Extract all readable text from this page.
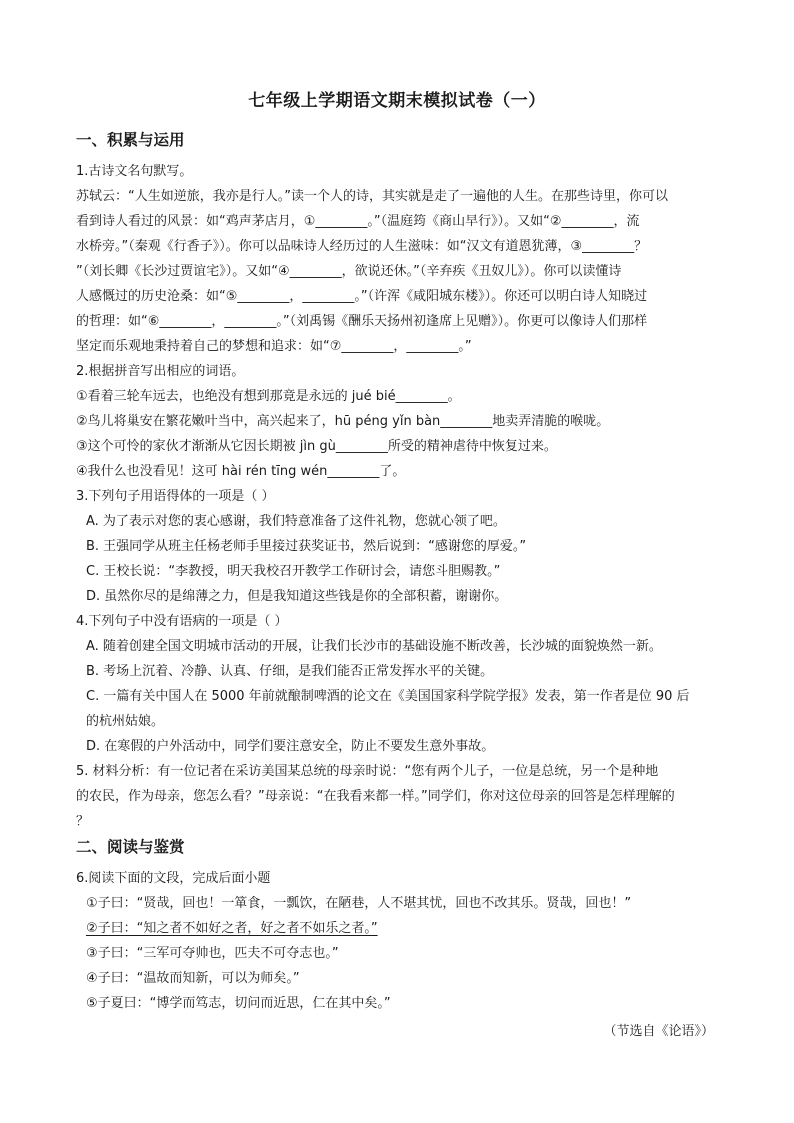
七年级上学期语文期末模拟试卷（一）
一、积累与运用
1.古诗文名句默写。
苏轼云：“人生如逆旅，我亦是行人。”读一个人的诗，其实就是走了一遍他的人生。在那些诗里，你可以
看到诗人看过的风景：如“鸡声茅店月，①________。”（温庭筠《商山早行》）。又如“②________，流
水桥旁。”（秦观《行香子》）。你可以品味诗人经历过的人生滋味：如“汉文有道恩犹薄，③________？
”（刘长卿《长沙过贾谊宅》）。又如“④________，欲说还休。”（辛弃疾《丑奴儿》）。你可以读懂诗
人感慨过的历史沧桑：如“⑤________，________。”（许浑《咸阳城东楼》）。你还可以明白诗人知晓过
的哲理：如“⑥________，________。”（刘禹锡《酬乐天扬州初逢席上见赠》）。你更可以像诗人们那样
坚定而乐观地秉持着自己的梦想和追求：如“⑦________，________。”
2.根据拼音写出相应的词语。
①看着三轮车远去，也绝没有想到那竟是永远的 jué bié________。
②鸟儿将巢安在繁花嫩叶当中，高兴起来了，hū péng yǐn bàn________地卖弄清脆的喉咙。
③这个可怜的家伙才渐渐从它因长期被 jìn gù________所受的精神虐待中恢复过来。
④我什么也没看见！这可 hài rén tīng wén________了。
3.下列句子用语得体的一项是（ ）
A. 为了表示对您的衷心感谢，我们特意准备了这件礼物，您就心领了吧。
B. 王强同学从班主任杨老师手里接过获奖证书，然后说到：“感谢您的厚爱。”
C. 王校长说：“李教授，明天我校召开教学工作研讨会，请您斗胆赐教。”
D. 虽然你尽的是绵薄之力，但是我知道这些钱是你的全部积蓄，谢谢你。
4.下列句子中没有语病的一项是（ ）
A. 随着创建全国文明城市活动的开展，让我们长沙市的基础设施不断改善，长沙城的面貌焕然一新。
B. 考场上沉着、冷静、认真、仔细，是我们能否正常发挥水平的关键。
C. 一篇有关中国人在 5000 年前就酿制啤酒的论文在《美国国家科学院学报》发表，第一作者是位 90 后
的杭州姑娘。
D. 在寒假的户外活动中，同学们要注意安全，防止不要发生意外事故。
5. 材料分析：有一位记者在采访美国某总统的母亲时说：“您有两个儿子，一位是总统，另一个是种地
的农民，作为母亲，您怎么看？”母亲说：“在我看来都一样。”同学们，你对这位母亲的回答是怎样理解的
？
二、阅读与鉴赏
6.阅读下面的文段，完成后面小题
①子曰：“贤哉，回也！一箪食，一瓢饮，在陋巷，人不堪其忧，回也不改其乐。贤哉，回也！”
②子曰：“知之者不如好之者，好之者不如乐之者。”
③子曰：“三军可夺帅也，匹夫不可夺志也。”
④子曰：“温故而知新，可以为师矣。”
⑤子夏曰：“博学而笃志，切问而近思，仁在其中矣。”
（节选自《论语》）
